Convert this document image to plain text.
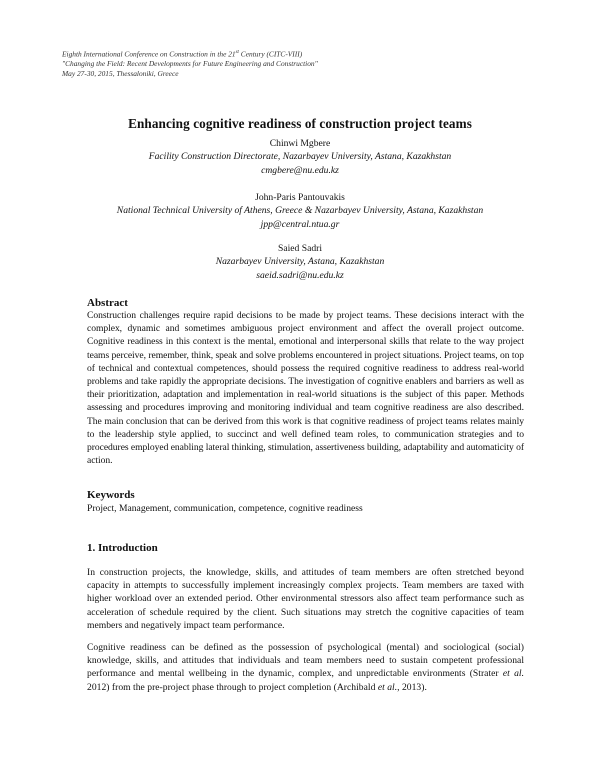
Eighth International Conference on Construction in the 21st Century (CITC-VIII)
"Changing the Field: Recent Developments for Future Engineering and Construction"
May 27-30, 2015, Thessaloniki, Greece
Enhancing cognitive readiness of construction project teams
Chinwi Mgbere
Facility Construction Directorate, Nazarbayev University, Astana, Kazakhstan
cmgbere@nu.edu.kz
John-Paris Pantouvakis
National Technical University of Athens, Greece & Nazarbayev University, Astana, Kazakhstan
jpp@central.ntua.gr
Saied Sadri
Nazarbayev University, Astana, Kazakhstan
saeid.sadri@nu.edu.kz
Abstract
Construction challenges require rapid decisions to be made by project teams. These decisions interact with the complex, dynamic and sometimes ambiguous project environment and affect the overall project outcome. Cognitive readiness in this context is the mental, emotional and interpersonal skills that relate to the way project teams perceive, remember, think, speak and solve problems encountered in project situations. Project teams, on top of technical and contextual competences, should possess the required cognitive readiness to address real-world problems and take rapidly the appropriate decisions. The investigation of cognitive enablers and barriers as well as their prioritization, adaptation and implementation in real-world situations is the subject of this paper. Methods assessing and procedures improving and monitoring individual and team cognitive readiness are also described. The main conclusion that can be derived from this work is that cognitive readiness of project teams relates mainly to the leadership style applied, to succinct and well defined team roles, to communication strategies and to procedures employed enabling lateral thinking, stimulation, assertiveness building, adaptability and automaticity of action.
Keywords
Project, Management, communication, competence, cognitive readiness
1. Introduction
In construction projects, the knowledge, skills, and attitudes of team members are often stretched beyond capacity in attempts to successfully implement increasingly complex projects. Team members are taxed with higher workload over an extended period. Other environmental stressors also affect team performance such as acceleration of schedule required by the client. Such situations may stretch the cognitive capacities of team members and negatively impact team performance.
Cognitive readiness can be defined as the possession of psychological (mental) and sociological (social) knowledge, skills, and attitudes that individuals and team members need to sustain competent professional performance and mental wellbeing in the dynamic, complex, and unpredictable environments (Strater et al. 2012) from the pre-project phase through to project completion (Archibald et al., 2013).
